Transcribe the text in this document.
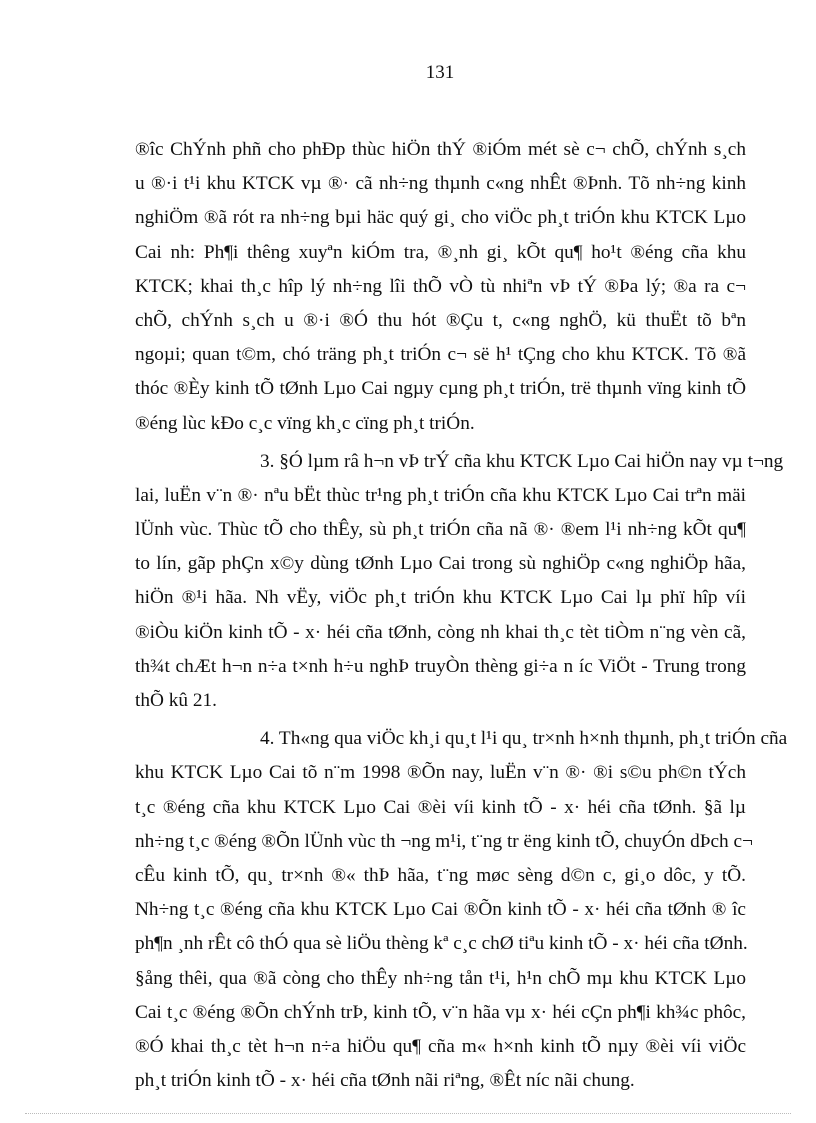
131
®îc ChÝnh phñ cho phÐp thùc hiÖn thÝ ®iÓm mét sè c¬ chÕ, chÝnh s¸ch
u ®·i t¹i khu KTCK vµ ®· cã nh÷ng thµnh c«ng nhÊt ®Þnh. Tõ nh÷ng kinh
nghiÖm ®ã rót ra nh÷ng bµi häc quý gi¸ cho viÖc ph¸t triÓn khu KTCK Lµo
Cai nh: Ph¶i thêng xuyªn kiÓm tra, ®¸nh gi¸ kÕt qu¶ ho¹t ®éng cña khu
KTCK; khai th¸c hîp lý nh÷ng lîi thÕ vÒ tù nhiªn vÞ tÝ ®Þa lý; ®a ra c¬
chÕ, chÝnh s¸ch u ®·i ®Ó thu hót ®Çu t, c«ng nghÖ, kü thuËt tõ bªn
ngoµi; quan t©m, chó träng ph¸t triÓn c¬ së h¹ tÇng cho khu KTCK. Tõ ®ã
thóc ®Èy kinh tÕ tØnh Lµo Cai ngµy cµng ph¸t triÓn, trë thµnh vïng kinh tÕ
®éng lùc kÐo c¸c vïng kh¸c cïng ph¸t triÓn.
3. §Ó lµm râ h¬n vÞ trÝ cña khu KTCK Lµo Cai hiÖn nay vµ t¬ng
lai, luËn v¨n ®· nªu bËt thùc tr¹ng ph¸t triÓn cña khu KTCK Lµo Cai trªn mäi
lÜnh vùc. Thùc tÕ cho thÊy, sù ph¸t triÓn cña nã ®· ®em l¹i nh÷ng kÕt qu¶
to lín, gãp phÇn x©y dùng tØnh Lµo Cai trong sù nghiÖp c«ng nghiÖp hãa,
hiÖn ®¹i hãa. Nh vËy, viÖc ph¸t triÓn khu KTCK Lµo Cai lµ phï hîp víi
®iÒu kiÖn kinh tÕ - x· héi cña tØnh, còng nh khai th¸c tèt tiÒm n¨ng vèn cã,
th¾t chÆt h¬n n÷a t×nh h÷u nghÞ truyÒn thèng gi÷a n íc ViÖt - Trung trong
thÕ kû 21.
4. Th«ng qua viÖc kh¸i qu¸t l¹i qu¸ tr×nh h×nh thµnh, ph¸t triÓn cña
khu KTCK Lµo Cai tõ n¨m 1998 ®Õn nay, luËn v¨n ®· ®i s©u ph©n tÝch
t¸c ®éng cña khu KTCK Lµo Cai ®èi víi kinh tÕ - x· héi cña tØnh. §ã lµ
nh÷ng t¸c ®éng ®Õn lÜnh vùc th ¬ng m¹i, t¨ng tr ëng kinh tÕ, chuyÓn dÞch c¬
cÊu kinh tÕ, qu¸ tr×nh ®« thÞ hãa, t¨ng møc sèng d©n c, gi¸o dôc, y tÕ.
Nh÷ng t¸c ®éng cña khu KTCK Lµo Cai ®Õn kinh tÕ - x· héi cña tØnh ® îc
ph¶n ¸nh rÊt cô thÓ qua sè liÖu thèng kª c¸c chØ tiªu kinh tÕ - x· héi cña tØnh.
§ång thêi, qua ®ã còng cho thÊy nh÷ng tån t¹i, h¹n chÕ mµ khu KTCK Lµo
Cai t¸c ®éng ®Õn chÝnh trÞ, kinh tÕ, v¨n hãa vµ x· héi cÇn ph¶i kh¾c phôc,
®Ó khai th¸c tèt h¬n n÷a hiÖu qu¶ cña m« h×nh kinh tÕ nµy ®èi víi viÖc
ph¸t triÓn kinh tÕ - x· héi cña tØnh nãi riªng, ®Êt níc nãi chung.
